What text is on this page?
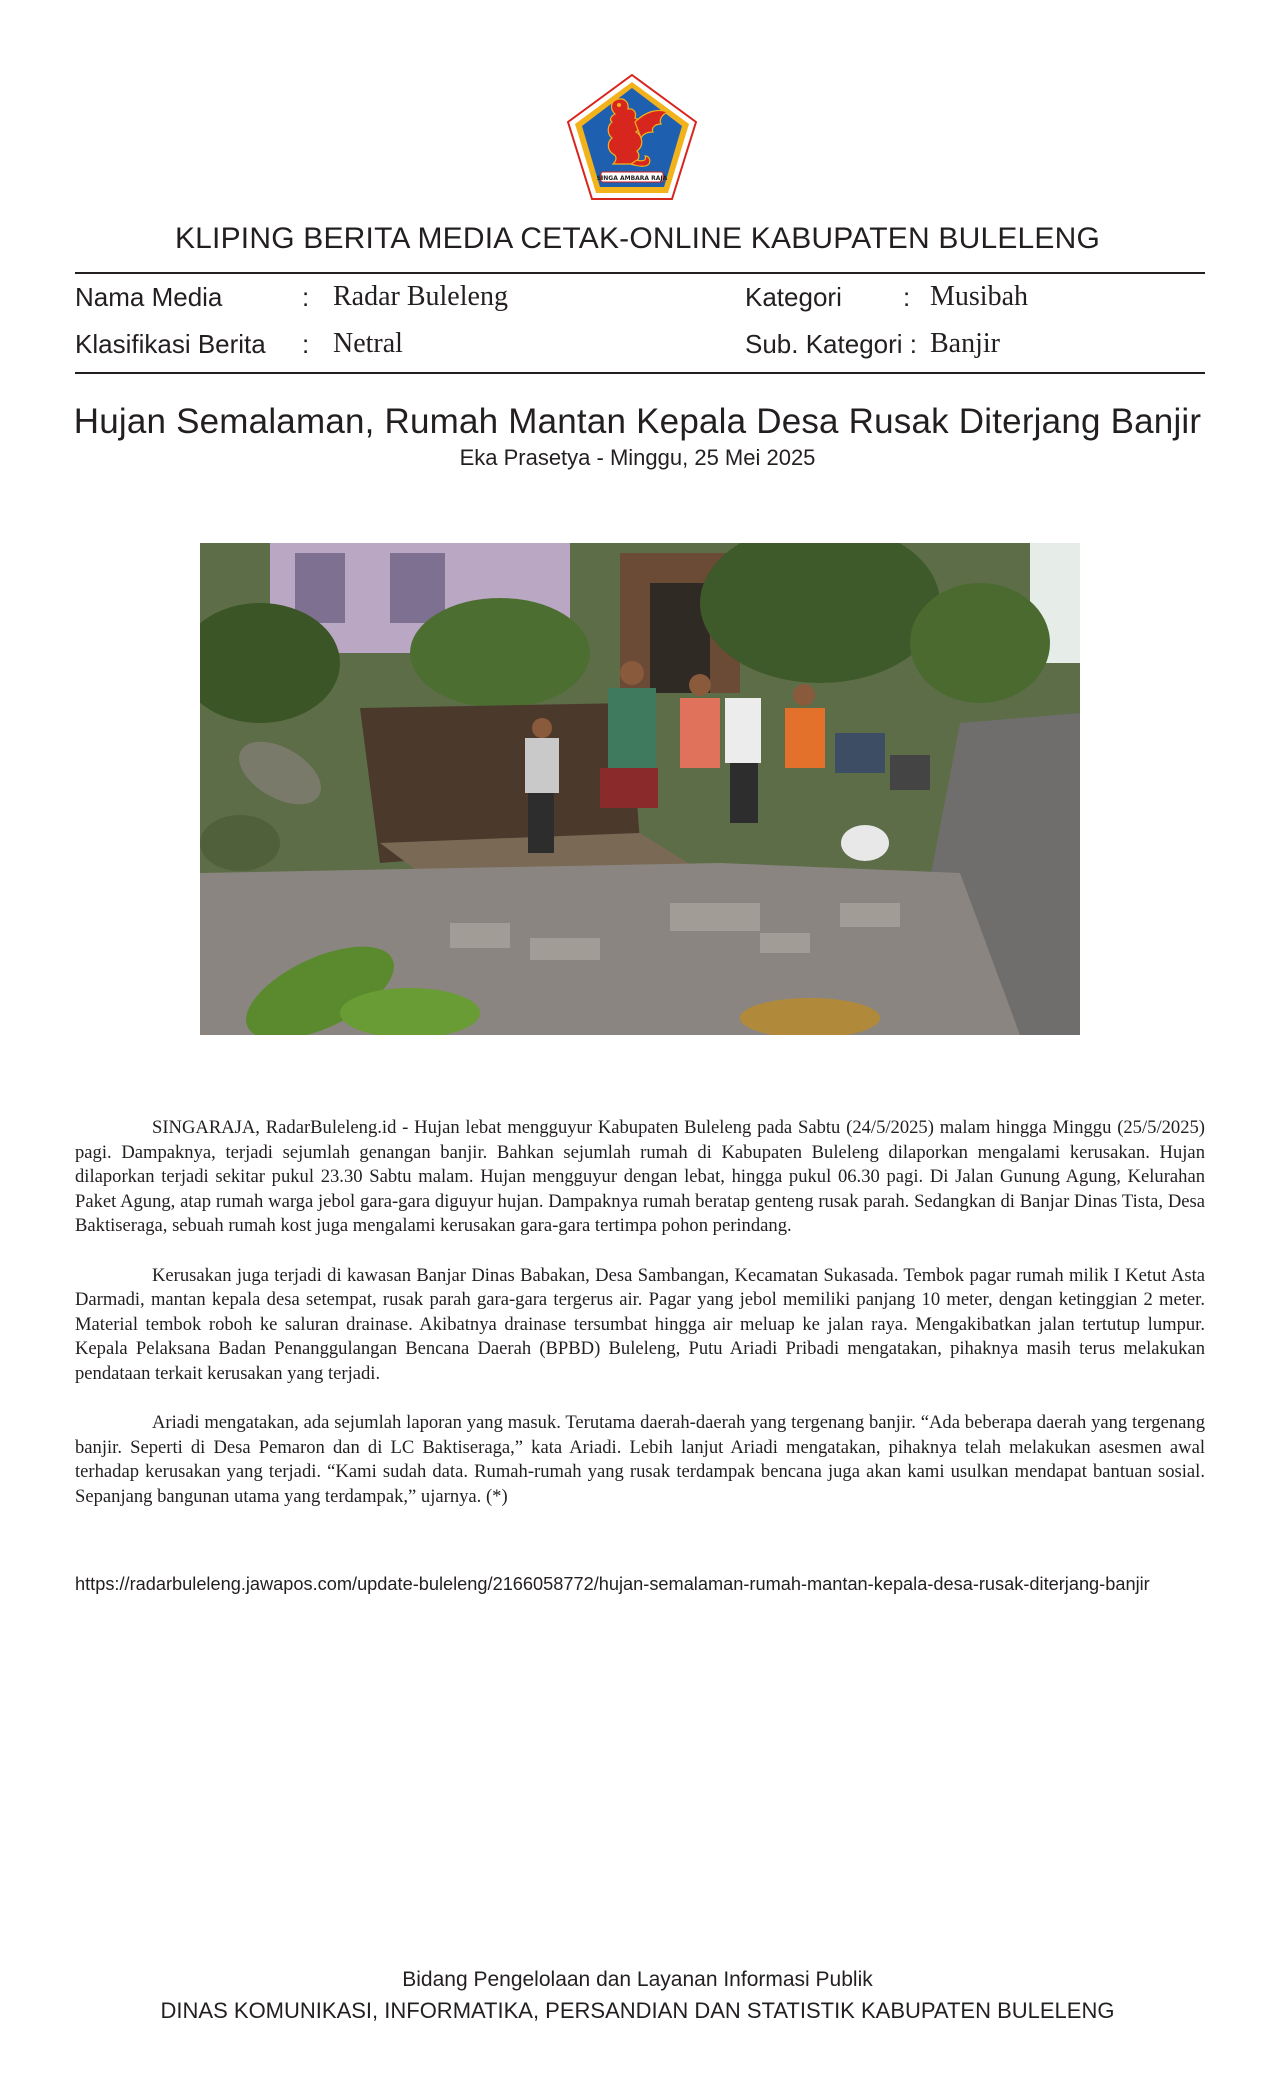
SINGA AMBARA RAJA
KLIPING BERITA MEDIA CETAK-ONLINE KABUPATEN BULELENG
Nama Media	: Radar Buleleng
Klasifikasi Berita : Netral
Kategori : Musibah
Sub. Kategori : Banjir
Hujan Semalaman, Rumah Mantan Kepala Desa Rusak Diterjang Banjir
Eka Prasetya - Minggu, 25 Mei 2025

SINGARAJA, RadarBuleleng.id - Hujan lebat mengguyur Kabupaten Buleleng pada Sabtu (24/5/2025) malam hingga Minggu (25/5/2025) pagi. Dampaknya, terjadi sejumlah genangan banjir. Bahkan sejumlah rumah di Kabupaten Buleleng dilaporkan mengalami kerusakan. Hujan dilaporkan terjadi sekitar pukul 23.30 Sabtu malam. Hujan mengguyur dengan lebat, hingga pukul 06.30 pagi. Di Jalan Gunung Agung, Kelurahan Paket Agung, atap rumah warga jebol gara-gara diguyur hujan. Dampaknya rumah beratap genteng rusak parah. Sedangkan di Banjar Dinas Tista, Desa Baktiseraga, sebuah rumah kost juga mengalami kerusakan gara-gara tertimpa pohon perindang.

Kerusakan juga terjadi di kawasan Banjar Dinas Babakan, Desa Sambangan, Kecamatan Sukasada. Tembok pagar rumah milik I Ketut Asta Darmadi, mantan kepala desa setempat, rusak parah gara-gara tergerus air. Pagar yang jebol memiliki panjang 10 meter, dengan ketinggian 2 meter. Material tembok roboh ke saluran drainase. Akibatnya drainase tersumbat hingga air meluap ke jalan raya. Mengakibatkan jalan tertutup lumpur. Kepala Pelaksana Badan Penanggulangan Bencana Daerah (BPBD) Buleleng, Putu Ariadi Pribadi mengatakan, pihaknya masih terus melakukan pendataan terkait kerusakan yang terjadi.

Ariadi mengatakan, ada sejumlah laporan yang masuk. Terutama daerah-daerah yang tergenang banjir. “Ada beberapa daerah yang tergenang banjir. Seperti di Desa Pemaron dan di LC Baktiseraga,” kata Ariadi. Lebih lanjut Ariadi mengatakan, pihaknya telah melakukan asesmen awal terhadap kerusakan yang terjadi. “Kami sudah data. Rumah-rumah yang rusak terdampak bencana juga akan kami usulkan mendapat bantuan sosial. Sepanjang bangunan utama yang terdampak,” ujarnya. (*)

https://radarbuleleng.jawapos.com/update-buleleng/2166058772/hujan-semalaman-rumah-mantan-kepala-desa-rusak-diterjang-banjir
Bidang Pengelolaan dan Layanan Informasi Publik
DINAS KOMUNIKASI, INFORMATIKA, PERSANDIAN DAN STATISTIK KABUPATEN BULELENG
